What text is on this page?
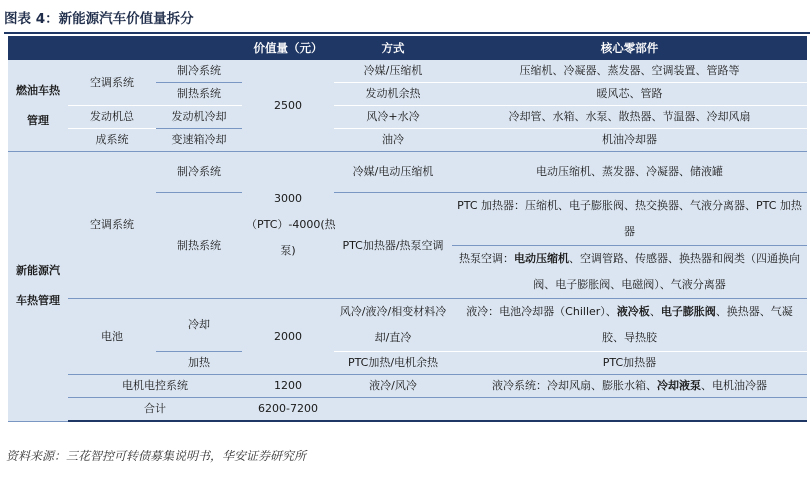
图表 4：新能源汽车价值量拆分
			价值量（元）	方式	核心零部件
燃油车热管理	空调系统	制冷系统	2500	冷媒/压缩机	压缩机、冷凝器、蒸发器、空调装置、管路等
		制热系统		发动机余热	暖风芯、管路
	发动机总	发动机冷却		风冷+水冷	冷却管、水箱、水泵、散热器、节温器、冷却风扇
	成系统	变速箱冷却		油冷	机油冷却器
新能源汽车热管理	空调系统	制冷系统	3000（PTC）-4000(热泵)	冷媒/电动压缩机	电动压缩机、蒸发器、冷凝器、储液罐
		制热系统		PTC加热器/热泵空调	PTC 加热器：压缩机、电子膨胀阀、热交换器、气液分离器、PTC 加热器
					热泵空调：电动压缩机、空调管路、传感器、换热器和阀类（四通换向阀、电子膨胀阀、电磁阀）、气液分离器
	电池	冷却	2000	风冷/液冷/相变材料冷却/直冷	液冷：电池冷却器（Chiller）、液冷板、电子膨胀阀、换热器、气凝胶、导热胶
		加热		PTC加热/电机余热	PTC加热器
	电机电控系统		1200	液冷/风冷	液冷系统：冷却风扇、膨胀水箱、冷却液泵、电机油冷器
	合计		6200-7200		
资料来源：三花智控可转债募集说明书，华安证券研究所
